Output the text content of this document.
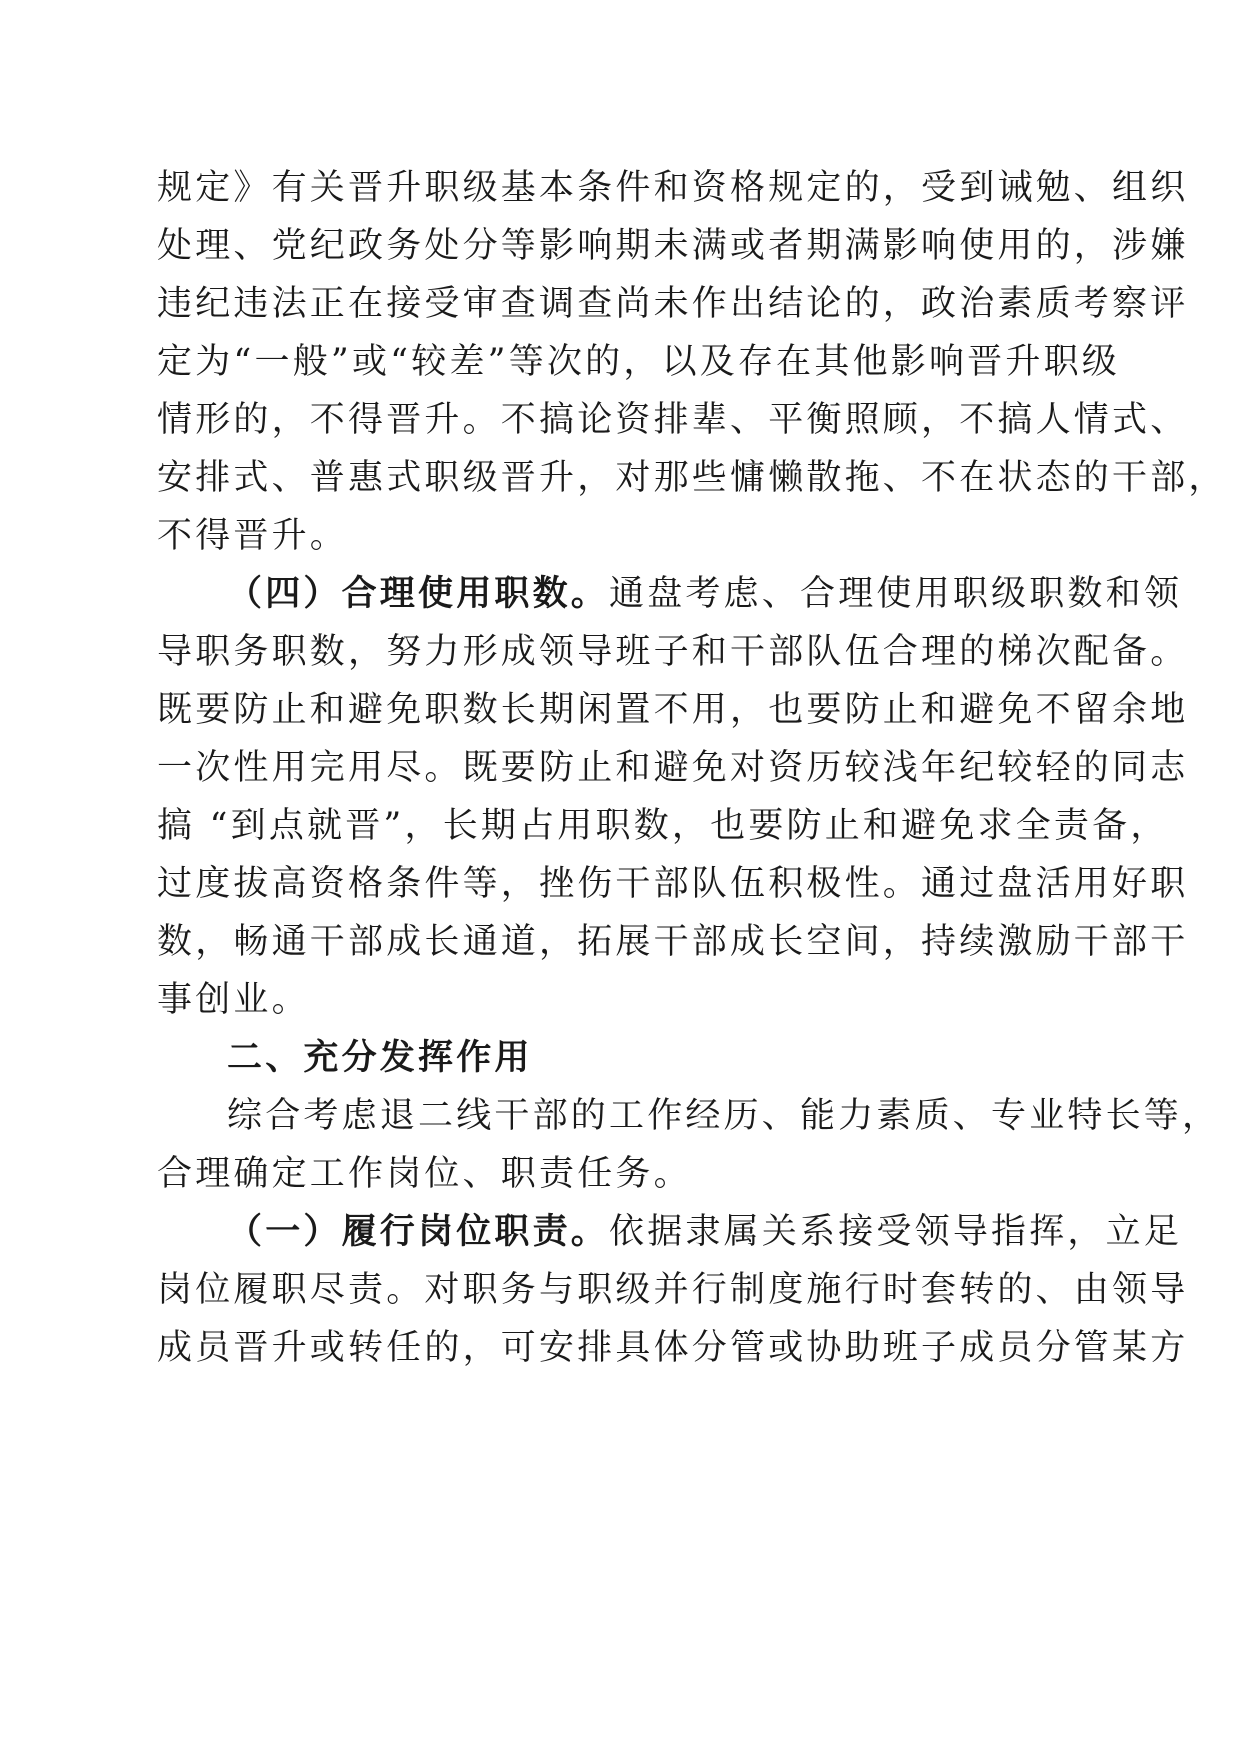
规定》有关晋升职级基本条件和资格规定的，受到诫勉、组织
处理、党纪政务处分等影响期未满或者期满影响使用的，涉嫌
违纪违法正在接受审查调查尚未作出结论的，政治素质考察评
定为“一般”或“较差”等次的，以及存在其他影响晋升职级
情形的，不得晋升。不搞论资排辈、平衡照顾，不搞人情式、
安排式、普惠式职级晋升，对那些慵懒散拖、不在状态的干部，
不得晋升。
（四）合理使用职数。通盘考虑、合理使用职级职数和领
导职务职数，努力形成领导班子和干部队伍合理的梯次配备。
既要防止和避免职数长期闲置不用，也要防止和避免不留余地
一次性用完用尽。既要防止和避免对资历较浅年纪较轻的同志
搞 “到点就晋”，长期占用职数，也要防止和避免求全责备，
过度拔高资格条件等，挫伤干部队伍积极性。通过盘活用好职
数，畅通干部成长通道，拓展干部成长空间，持续激励干部干
事创业。
二、充分发挥作用
综合考虑退二线干部的工作经历、能力素质、专业特长等，
合理确定工作岗位、职责任务。
（一）履行岗位职责。依据隶属关系接受领导指挥，立足
岗位履职尽责。对职务与职级并行制度施行时套转的、由领导
成员晋升或转任的，可安排具体分管或协助班子成员分管某方
